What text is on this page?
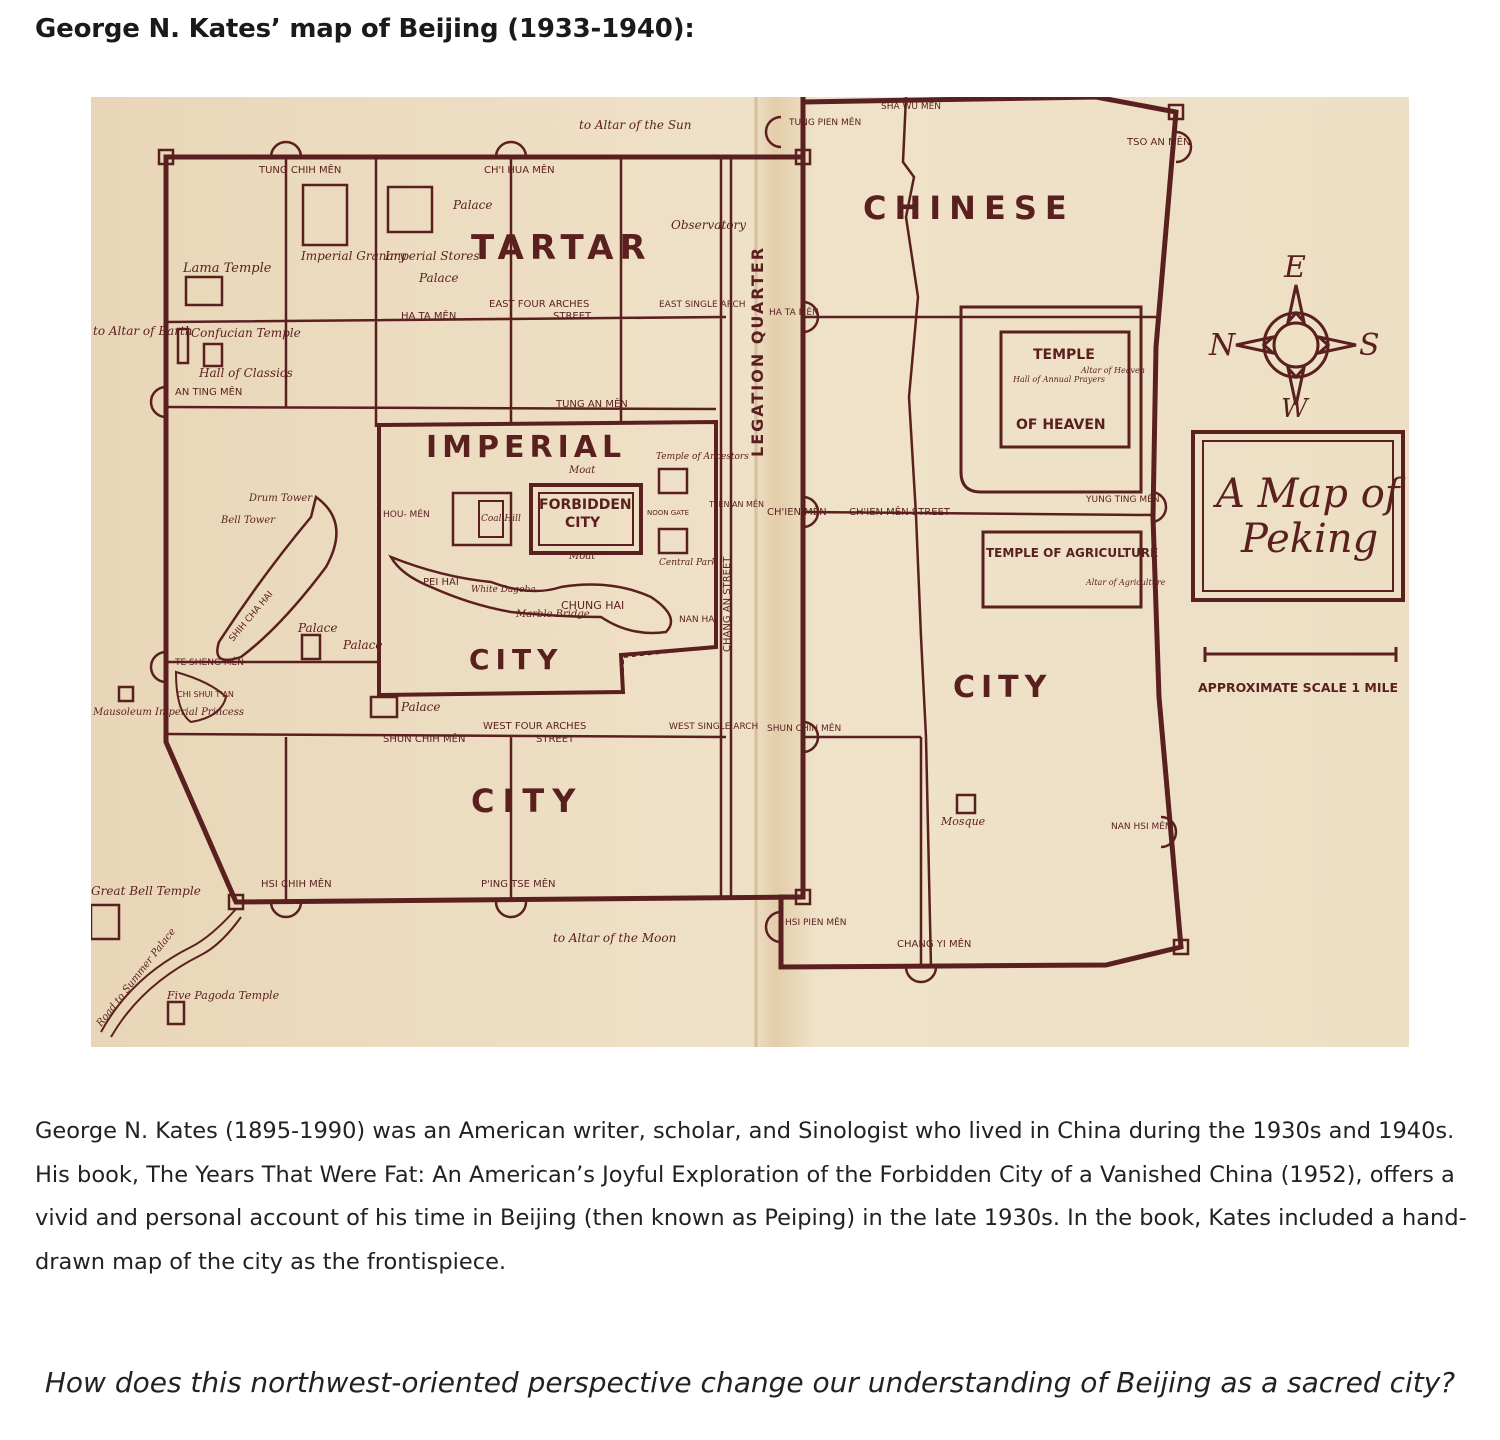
George N. Kates’ map of Beijing (1933-1940):
N	S
E
W
A Map of
Peking
APPROXIMATE SCALE 1 MILE
TARTAR
IMPERIAL
CITY
CITY
CHINESE
CITY
LEGATION QUARTER
FORBIDDEN
CITY
TUNG CHIH MÊN	CH'I HUA MÊN
AN TING MÊN
TE SHENG MÊN
HSI CHIH MÊN	P'ING TSE MÊN
TUNG PIEN MÊN
SHA WU MÊN
TSO AN MÊN
HA TA MÊN
CH'IEN MÊN
SHUN CHIH MÊN
HSI PIEN MÊN
CHANG YI MÊN
NAN HSI MÊN
YUNG TING MÊN
T'IEN AN MÊN
HOU- MÊN
TUNG AN MÊN
HA TA MÊN
EAST FOUR ARCHES
STREET
EAST SINGLE ARCH
SHUN CHIH MÊN
WEST FOUR ARCHES
STREET
WEST SINGLE ARCH
CH'IEN MÊN STREET
CHANG AN STREET
to Altar of the Sun
to Altar of Earth
to Altar of the Moon
Palace
Palace
Palace
Palace
Palace
Imperial Granary
Imperial Stores
Observatory
Lama Temple
Confucian Temple
Hall of Classics
Drum Tower
Bell Tower	Coal Hill
Moat
Moat
Temple of Ancestors
NOON GATE
Central Park
PEI HAI
White Dagoba
Marble Bridge
CHUNG HAI
NAN HAI
SHIH CHA HAI
CHI SHUI T'AN
Mausoleum Imperial Princess
Great Bell Temple
Road to Summer Palace
Five Pagoda Temple
TEMPLE
OF HEAVEN
Hall of Annual Prayers
Altar of Heaven
TEMPLE OF AGRICULTURE
Altar of Agriculture
Mosque

George N. Kates (1895-1990) was an American writer, scholar, and Sinologist who lived in China during the 1930s and 1940s. His book, The Years That Were Fat: An American’s Joyful Exploration of the Forbidden City of a Vanished China (1952), offers a vivid and personal account of his time in Beijing (then known as Peiping) in the late 1930s. In the book, Kates included a hand-drawn map of the city as the frontispiece.

How does this northwest-oriented perspective change our understanding of Beijing as a sacred city?
